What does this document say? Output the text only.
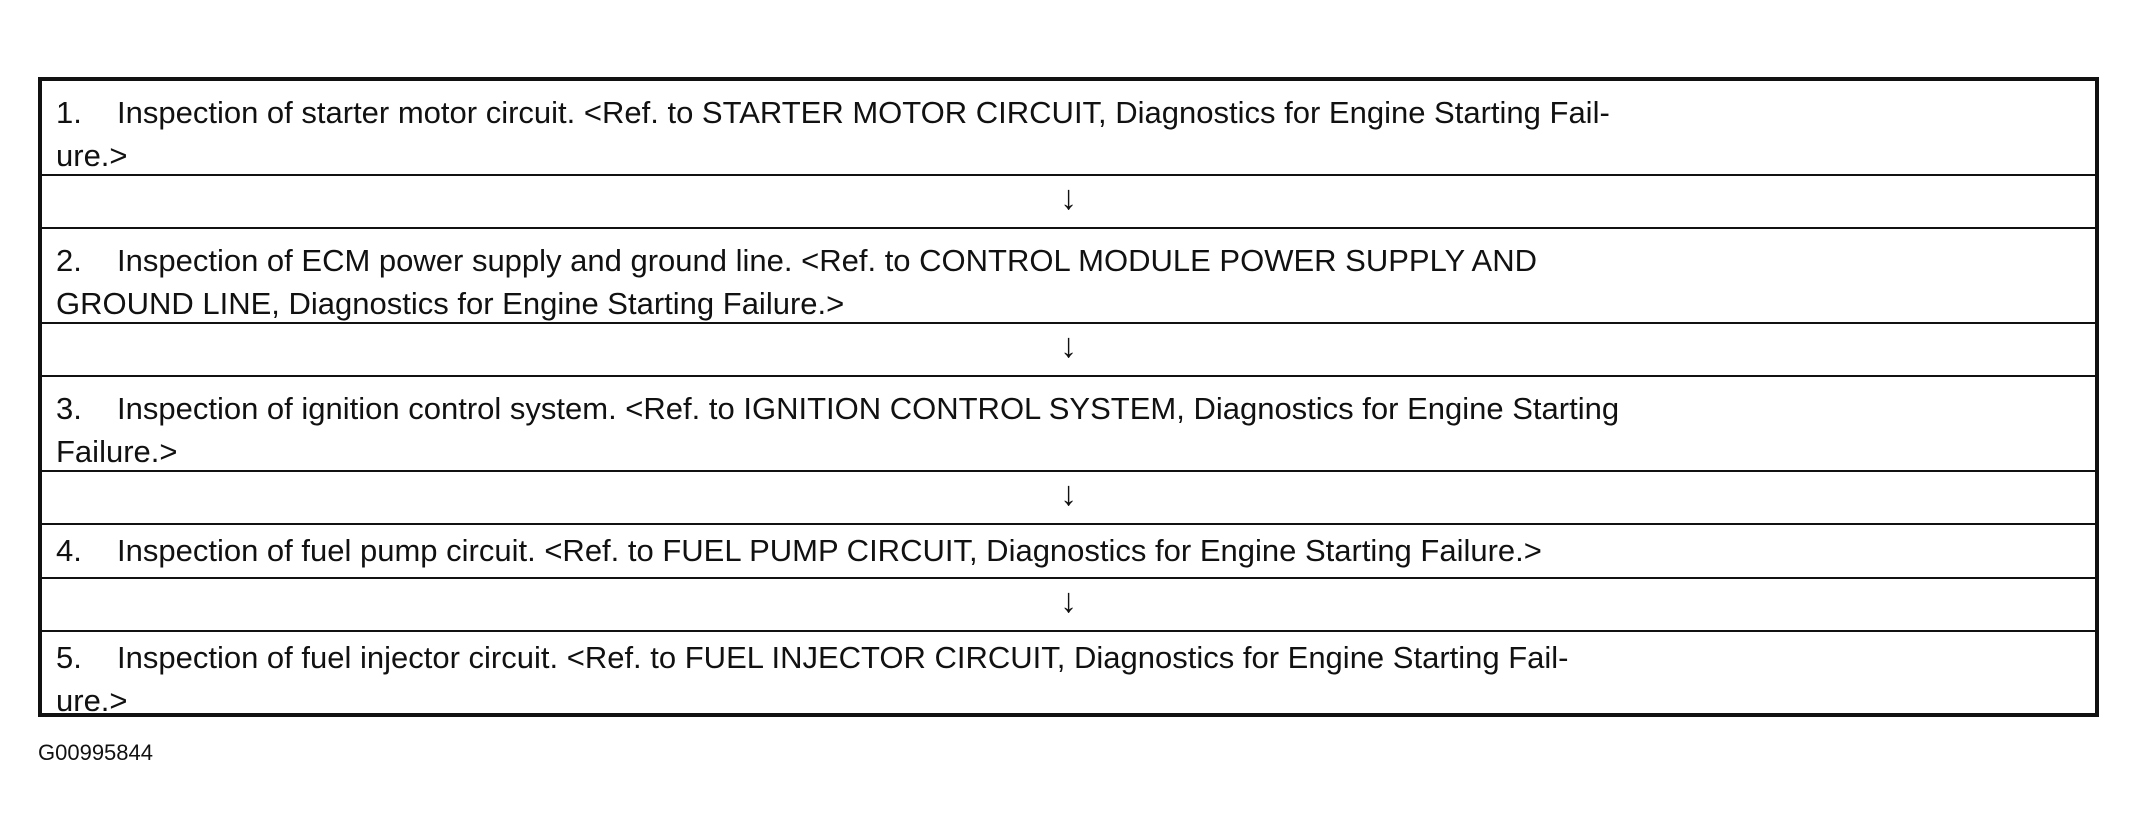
1. Inspection of starter motor circuit. <Ref. to STARTER MOTOR CIRCUIT, Diagnostics for Engine Starting Fail-
ure.>
↓
2. Inspection of ECM power supply and ground line. <Ref. to CONTROL MODULE POWER SUPPLY AND
GROUND LINE, Diagnostics for Engine Starting Failure.>
↓
3. Inspection of ignition control system. <Ref. to IGNITION CONTROL SYSTEM, Diagnostics for Engine Starting
Failure.>
↓
4. Inspection of fuel pump circuit. <Ref. to FUEL PUMP CIRCUIT, Diagnostics for Engine Starting Failure.>
↓
5. Inspection of fuel injector circuit. <Ref. to FUEL INJECTOR CIRCUIT, Diagnostics for Engine Starting Fail-
ure.>
G00995844
